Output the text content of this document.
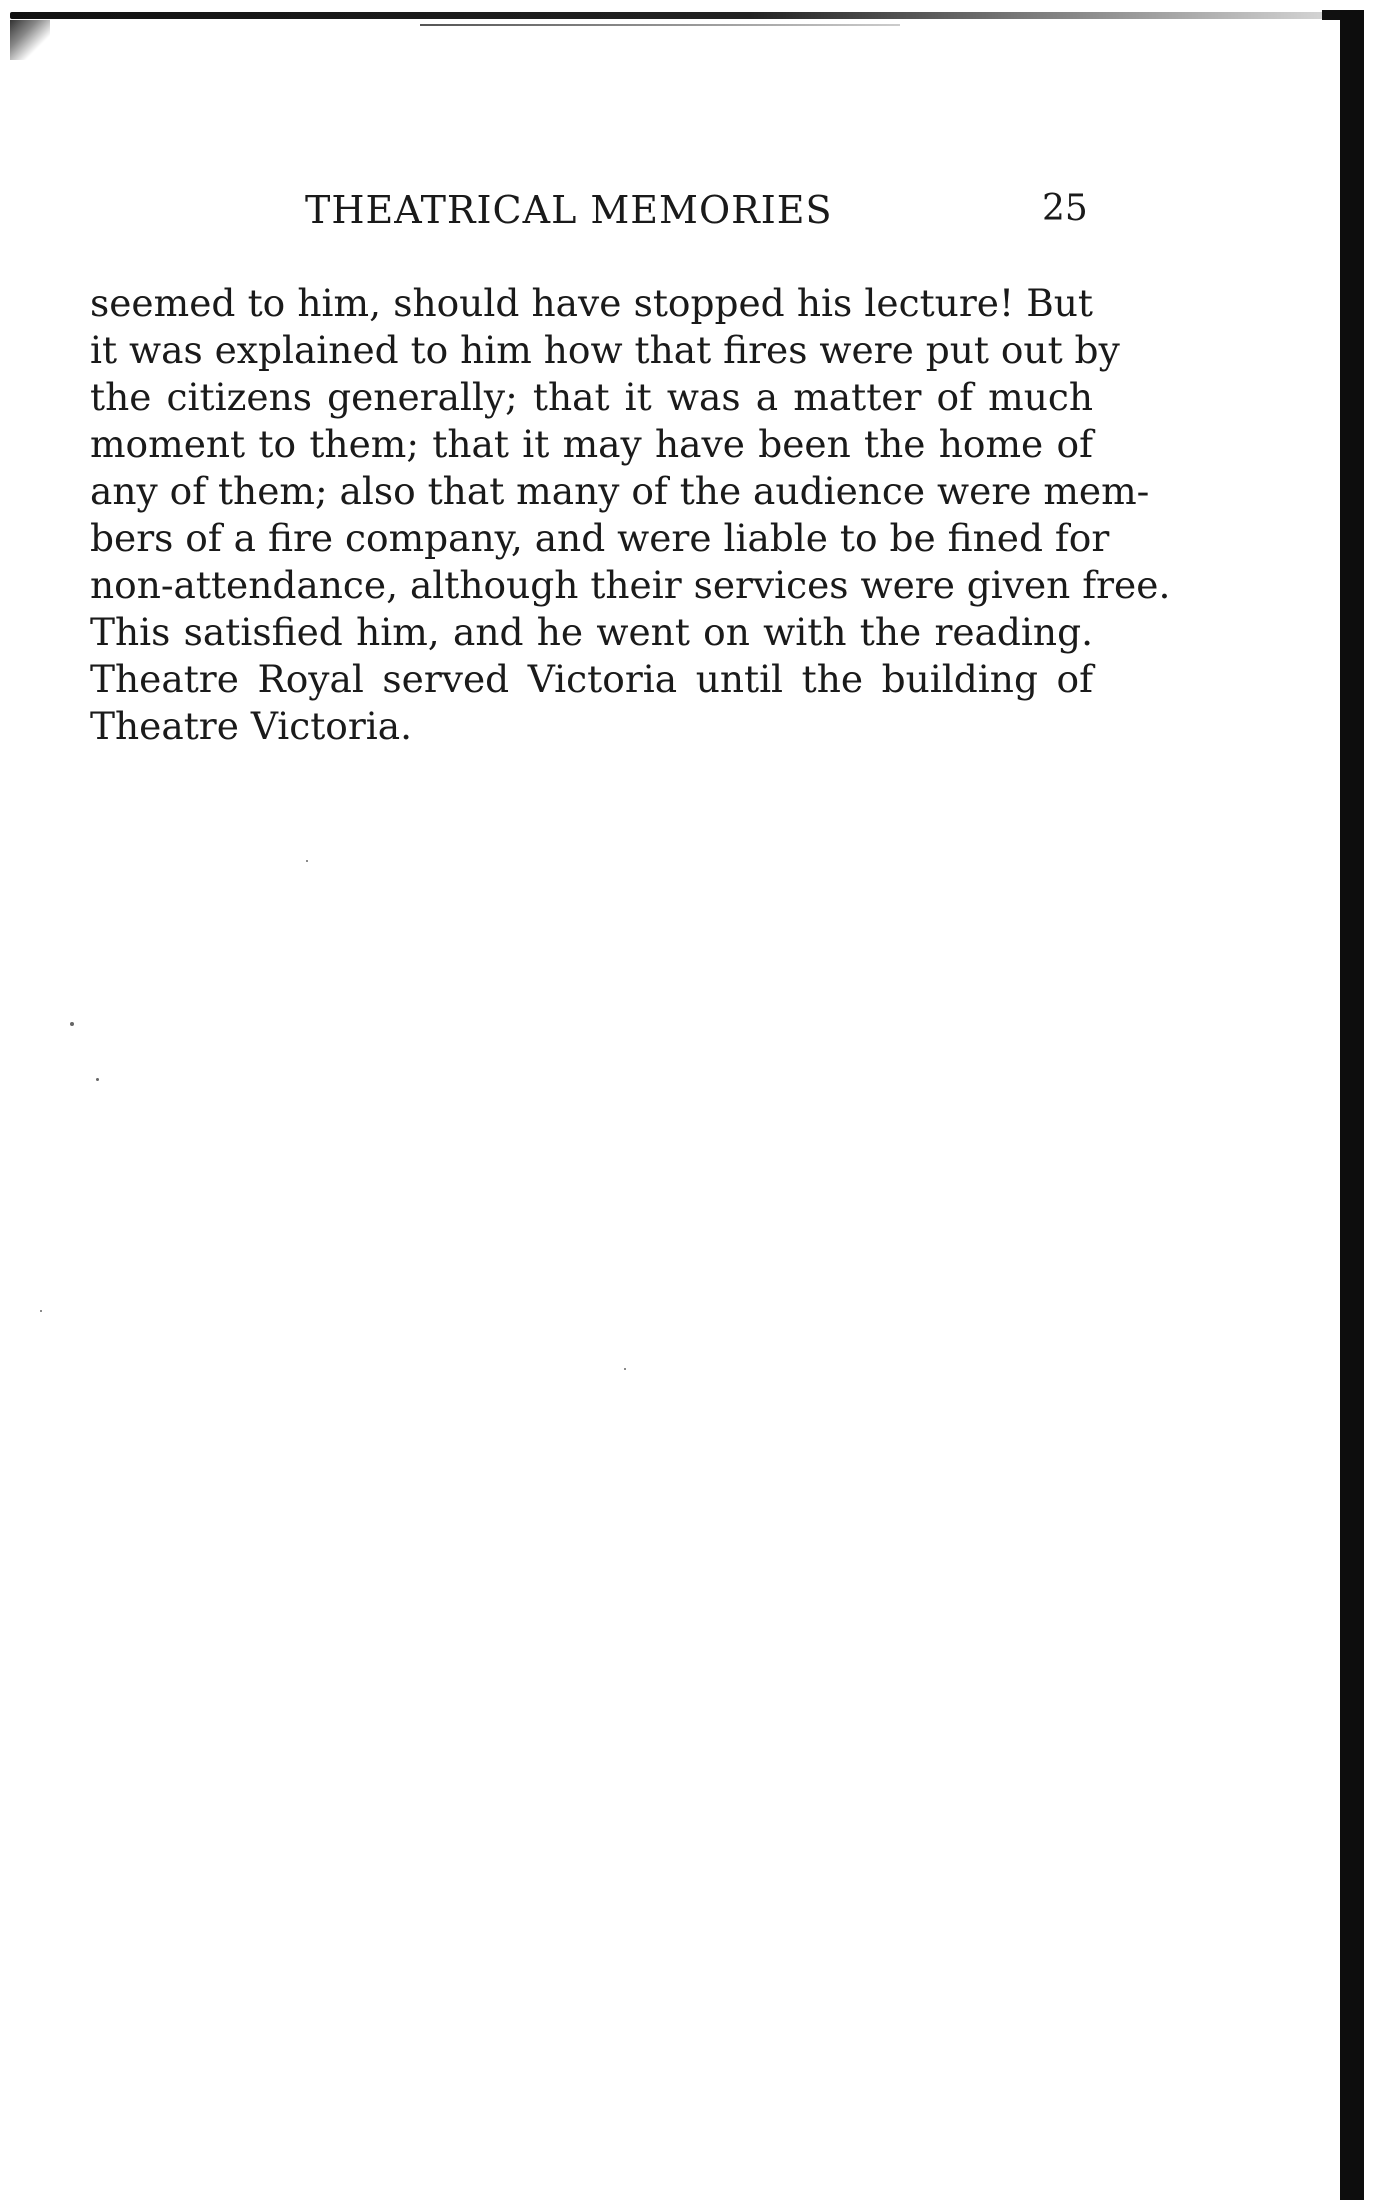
THEATRICAL MEMORIES	25
seemed to him, should have stopped his lecture! But
it was explained to him how that fires were put out by
the citizens generally; that it was a matter of much
moment to them; that it may have been the home of
any of them; also that many of the audience were mem-
bers of a fire company, and were liable to be fined for
non-attendance, although their services were given free.
This satisfied him, and he went on with the reading.
Theatre Royal served Victoria until the building of
Theatre Victoria.
